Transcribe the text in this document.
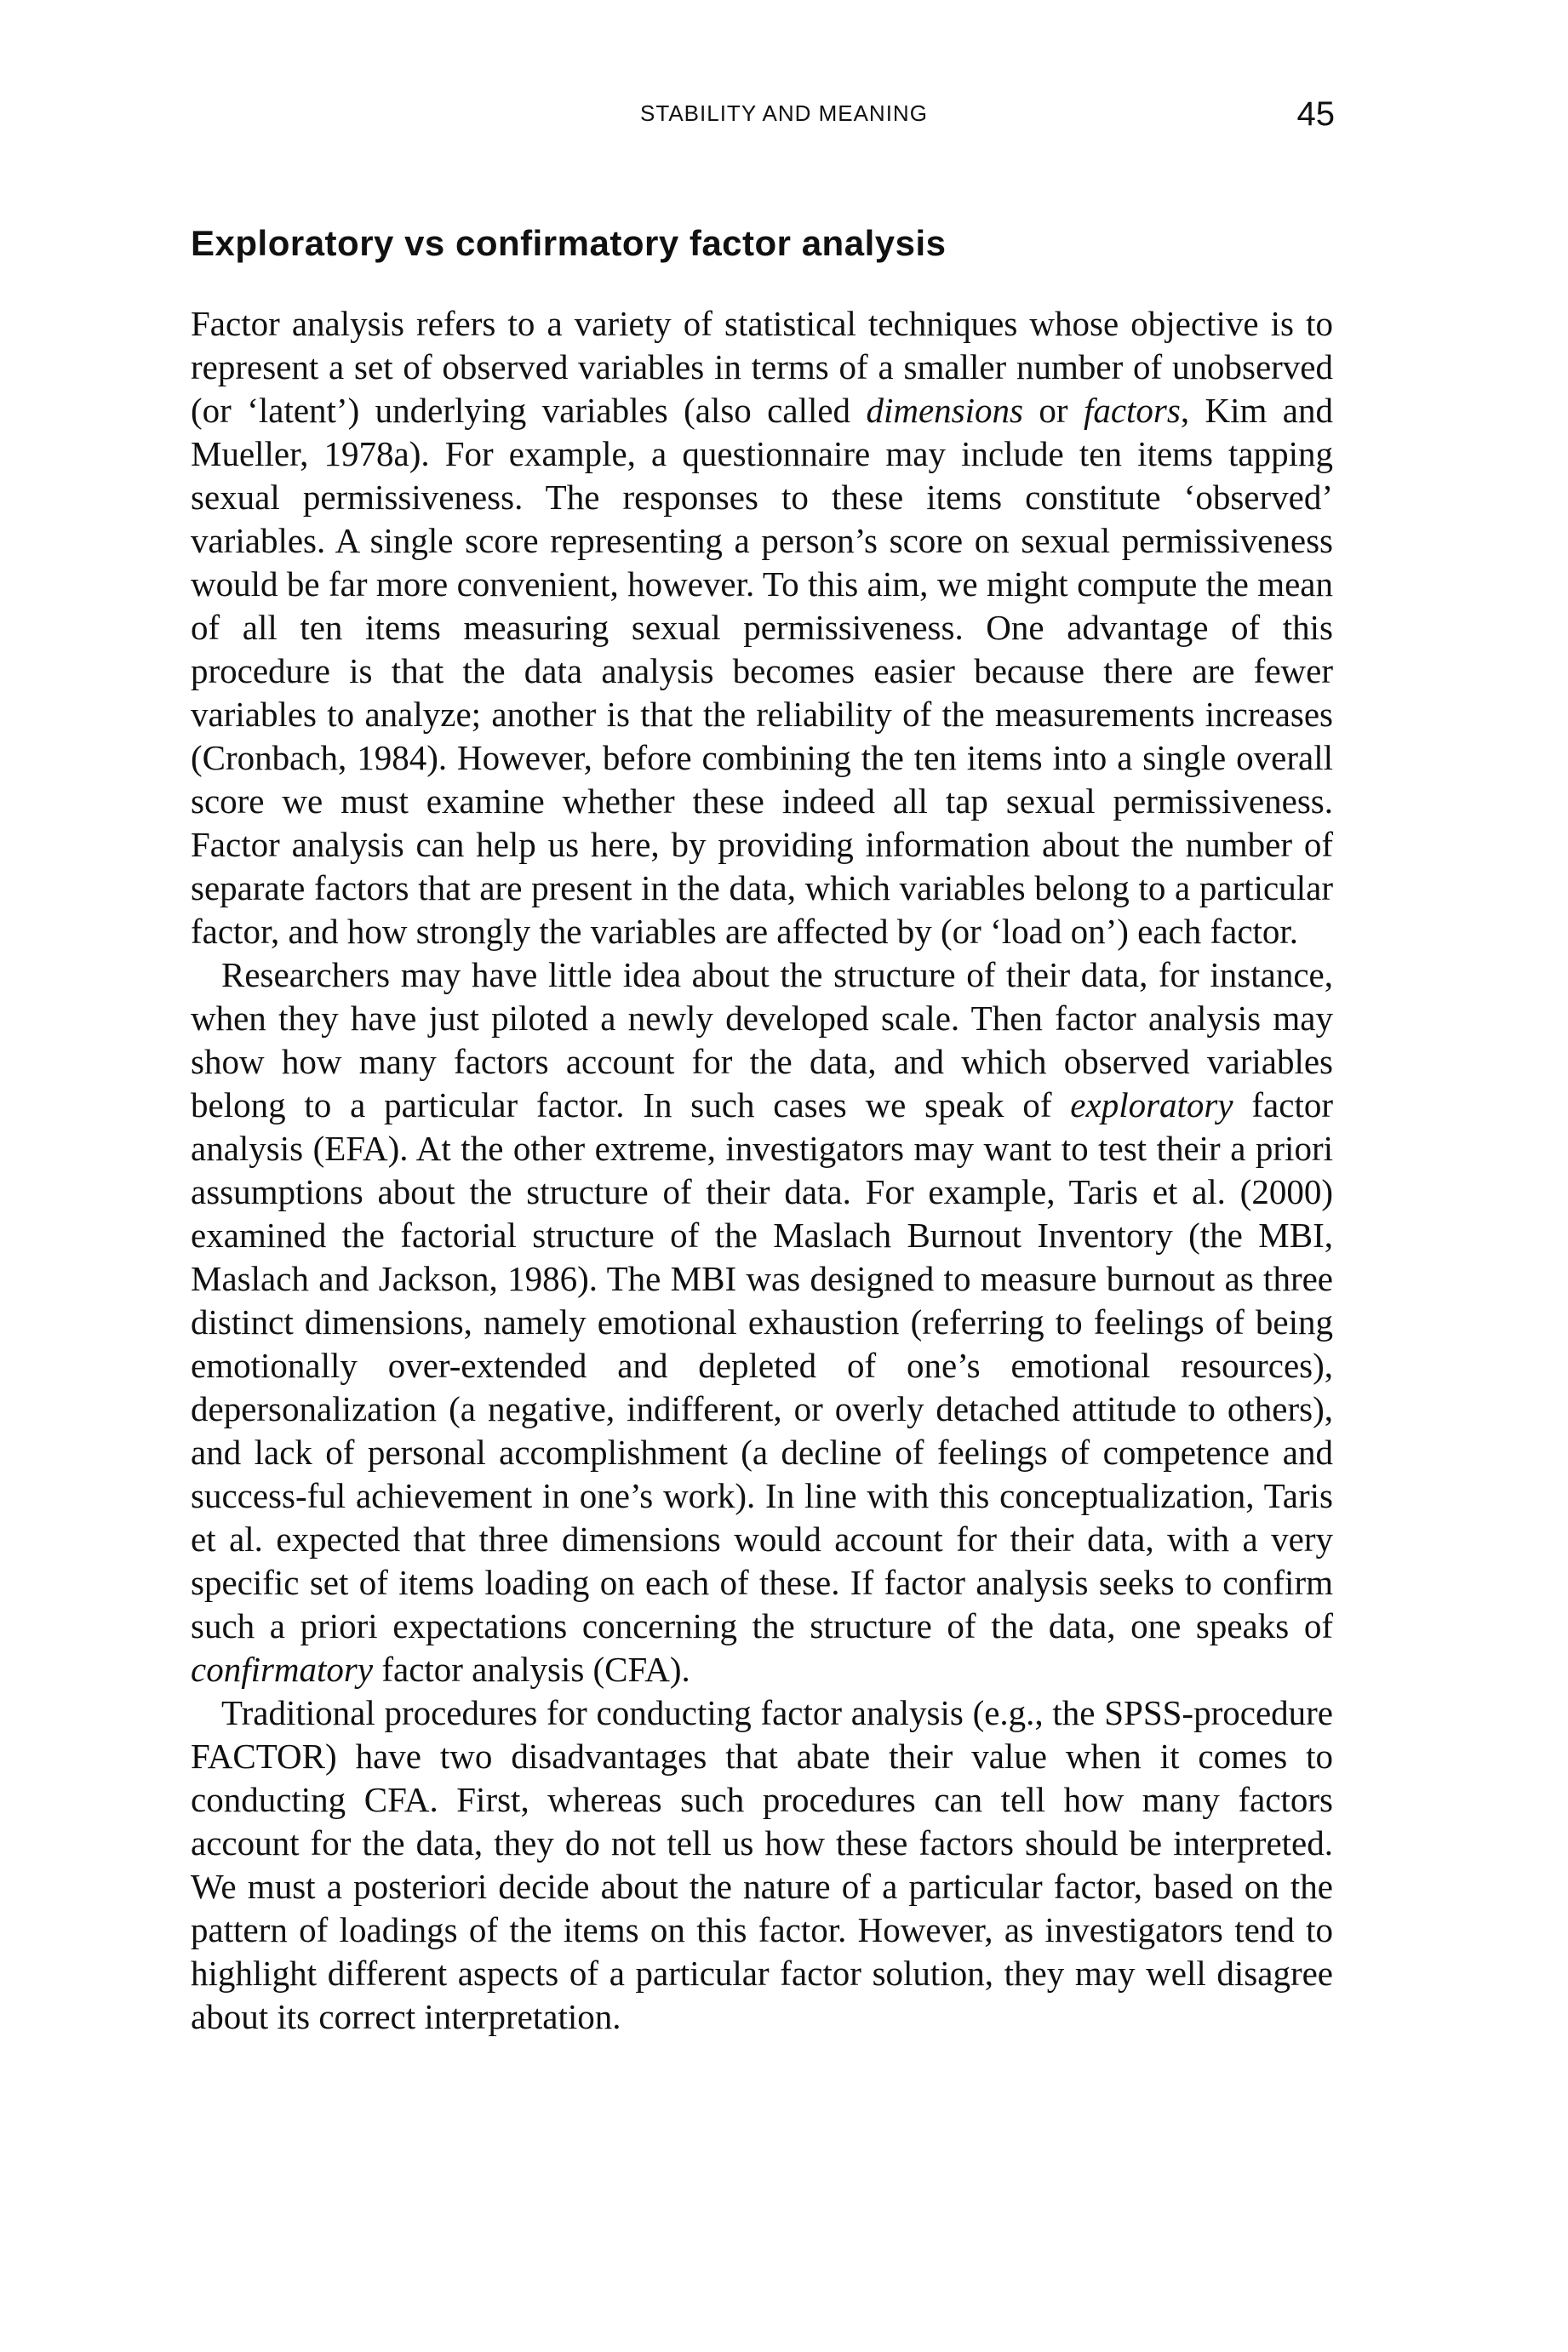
STABILITY AND MEANING	45
Exploratory vs confirmatory factor analysis

Factor analysis refers to a variety of statistical techniques whose objective is to represent a set of observed variables in terms of a smaller number of unobserved (or ‘latent’) underlying variables (also called dimensions or factors, Kim and Mueller, 1978a). For example, a questionnaire may include ten items tapping sexual permissiveness. The responses to these items constitute ‘observed’ variables. A single score representing a person’s score on sexual permissiveness would be far more convenient, however. To this aim, we might compute the mean of all ten items measuring sexual permissiveness. One advantage of this procedure is that the data analysis becomes easier because there are fewer variables to analyze; another is that the reliability of the measurements increases (Cronbach, 1984). However, before combining the ten items into a single overall score we must examine whether these indeed all tap sexual permissiveness. Factor analysis can help us here, by providing information about the number of separate factors that are present in the data, which variables belong to a particular factor, and how strongly the variables are affected by (or ‘load on’) each factor.

Researchers may have little idea about the structure of their data, for instance, when they have just piloted a newly developed scale. Then factor analysis may show how many factors account for the data, and which observed variables belong to a particular factor. In such cases we speak of exploratory factor analysis (EFA). At the other extreme, investigators may want to test their a priori assumptions about the structure of their data. For example, Taris et al. (2000) examined the factorial structure of the Maslach Burnout Inventory (the MBI, Maslach and Jackson, 1986). The MBI was designed to measure burnout as three distinct dimensions, namely emotional exhaustion (referring to feelings of being emotionally over-extended and depleted of one’s emotional resources), depersonalization (a negative, indifferent, or overly detached attitude to others), and lack of personal accomplishment (a decline of feelings of competence and success-ful achievement in one’s work). In line with this conceptualization, Taris et al. expected that three dimensions would account for their data, with a very specific set of items loading on each of these. If factor analysis seeks to confirm such a priori expectations concerning the structure of the data, one speaks of confirmatory factor analysis (CFA).

Traditional procedures for conducting factor analysis (e.g., the SPSS-procedure FACTOR) have two disadvantages that abate their value when it comes to conducting CFA. First, whereas such procedures can tell how many factors account for the data, they do not tell us how these factors should be interpreted. We must a posteriori decide about the nature of a particular factor, based on the pattern of loadings of the items on this factor. However, as investigators tend to highlight different aspects of a particular factor solution, they may well disagree about its correct interpretation.
